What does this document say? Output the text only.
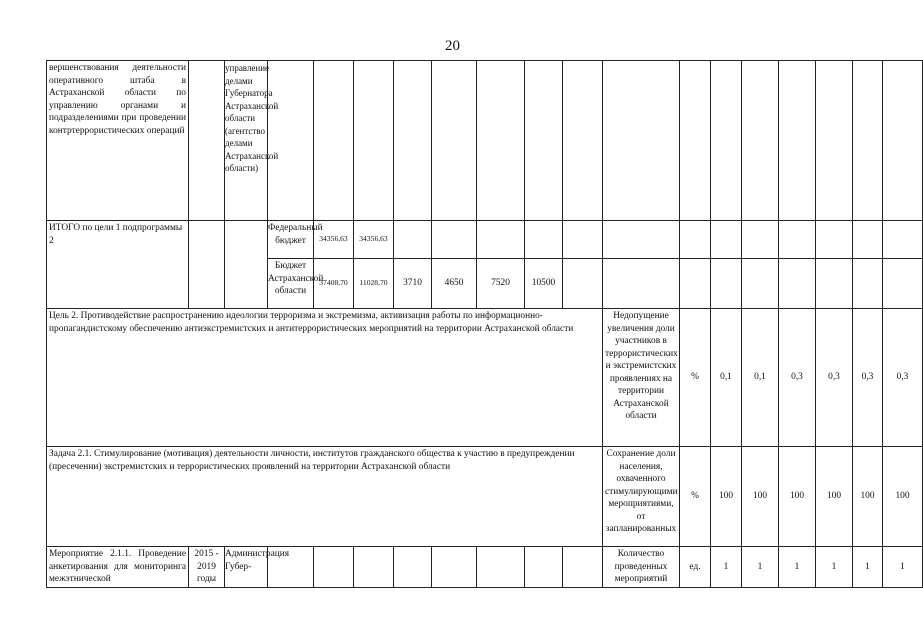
20
вершенствования деятельности оперативного штаба в Астраханской области по управлению органами и подразделениями при проведении контртеррористических операций		управление делами Губернатора Астраханской области (агентство делами Астраханской области)																
ИТОГО по цели 1 подпрограммы 2			Федеральный бюджет	34356,63	34356,63													
			Бюджет Астраханской области	37408,70	11028,70	3710	4650	7520	10500									
Цель 2. Противодействие распространению идеологии терроризма и экстремизма, активизация работы по информационно-пропагандистскому обеспечению антиэкстремистских и антитеррористических мероприятий на территории Астраханской области											Недопущение увеличения доли участников в террористических и экстремистских проявлениях на территории Астраханской области	%	0,1	0,1	0,3	0,3	0,3	0,3
Задача 2.1. Стимулирование (мотивация) деятельности личности, институтов гражданского общества к участию в предупреждении (пресечении) экстремистских и террористических проявлений на территории Астраханской области											Сохранение доли населения, охваченного стимулирующими мероприятиями, от запланированных	%	100	100	100	100	100	100
Мероприятие 2.1.1. Проведение анкетирования для мониторинга межэтнической	2015 - 2019 годы	Администрация Губер-									Количество проведенных мероприятий	ед.	1	1	1	1	1	1
